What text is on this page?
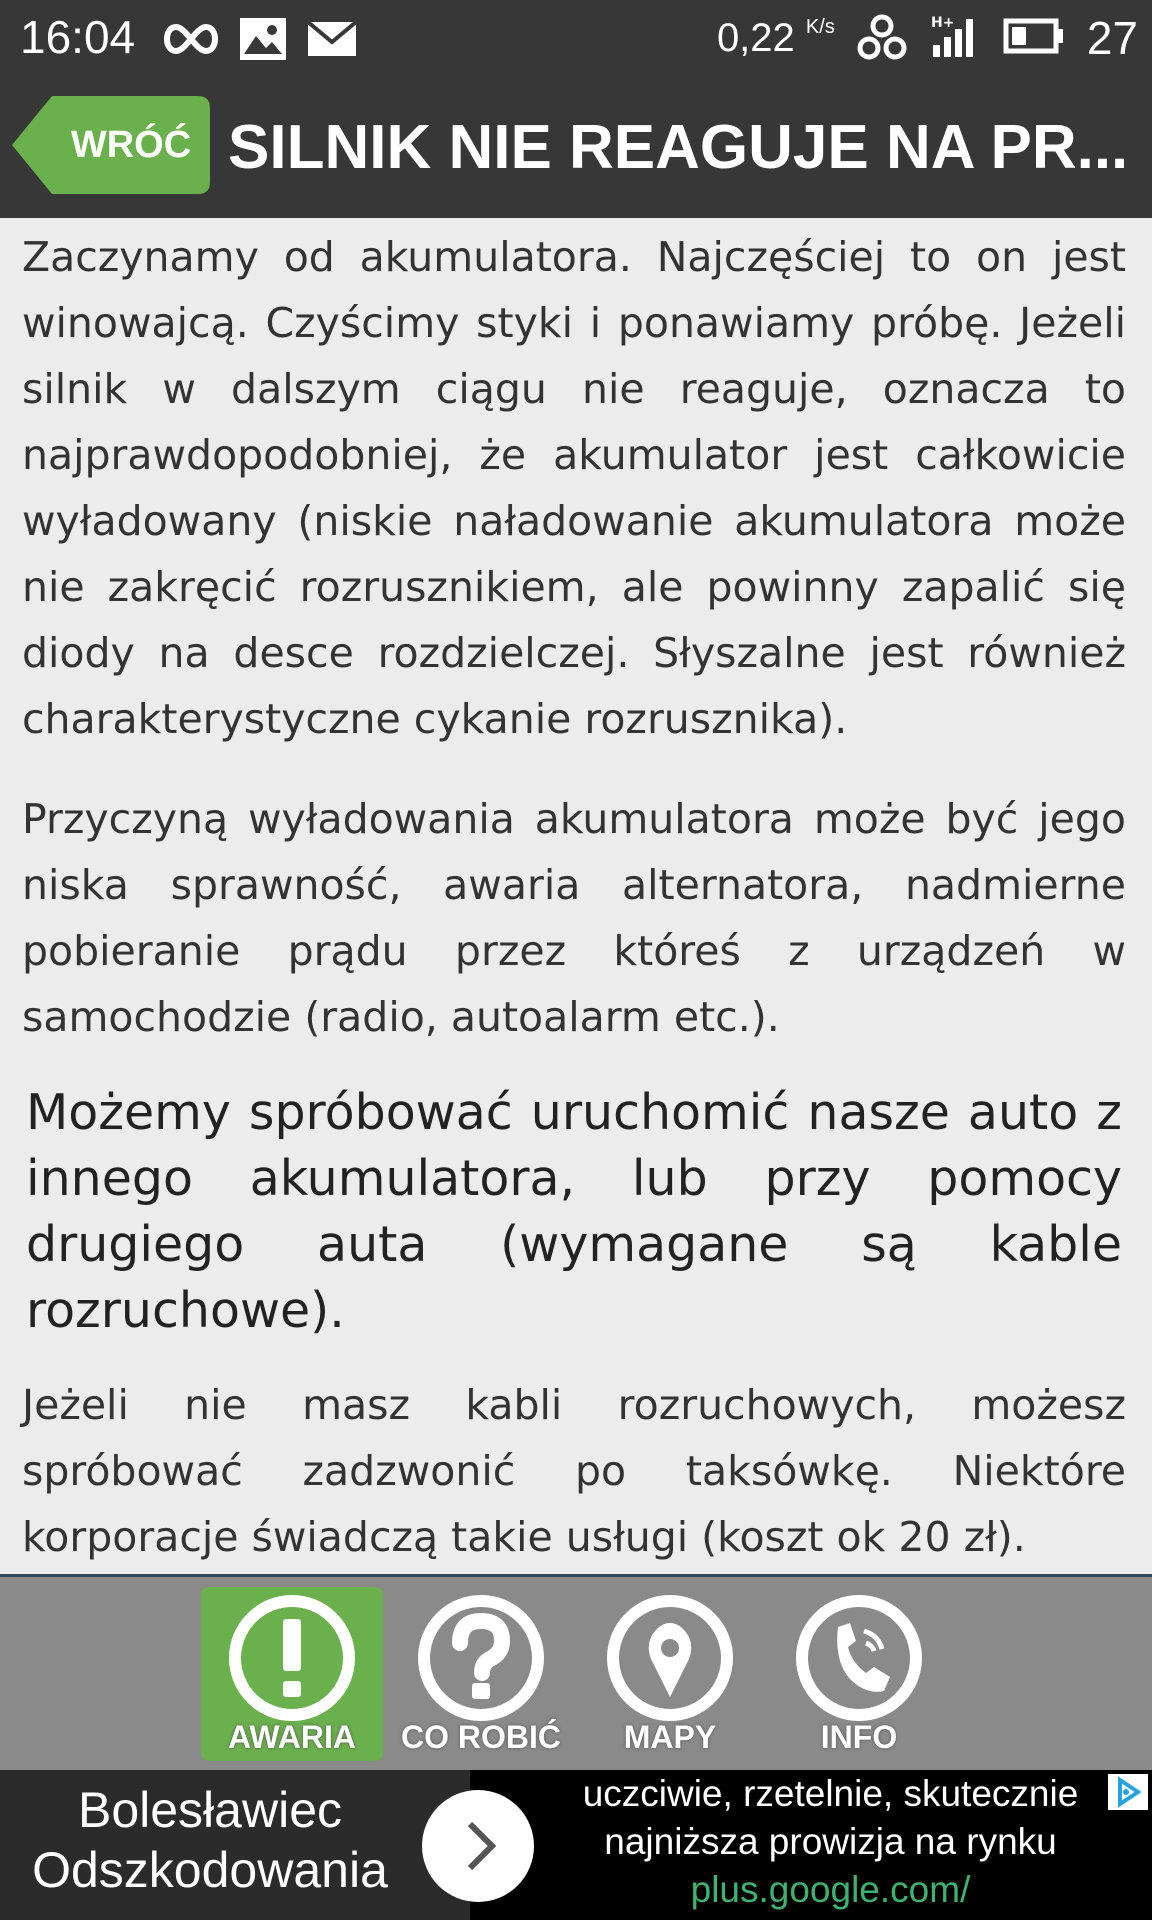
16:04	0,22 $^{K/s}$	H+	27
WRÓĆ SILNIK NIE REAGUJE NA PR...

Zaczynamy od akumulatora. Najczęściej to on jest winowajcą. Czyścimy styki i ponawiamy próbę. Jeżeli silnik w dalszym ciągu nie reaguje, oznacza to najprawdopodobniej, że akumulator jest całkowicie wyładowany (niskie naładowanie akumulatora może nie zakręcić rozrusznikiem, ale powinny zapalić się diody na desce rozdzielczej. Słyszalne jest również charakterystyczne cykanie rozrusznika).

Przyczyną wyładowania akumulatora może być jego niska sprawność, awaria alternatora, nadmierne pobieranie prądu przez któreś z urządzeń w samochodzie (radio, autoalarm etc.).

Możemy spróbować uruchomić nasze auto z innego akumulatora, lub przy pomocy drugiego auta (wymagane są kable rozruchowe).

Jeżeli nie masz kabli rozruchowych, możesz spróbować zadzwonić po taksówkę. Niektóre korporacje świadczą takie usługi (koszt ok 20 zł).

AWARIA	CO ROBIĆ	MAPY	INFO
Bolesławiec
Odszkodowania
uczciwie, rzetelnie, skutecznie
najniższa prowizja na rynku
plus.google.com/
